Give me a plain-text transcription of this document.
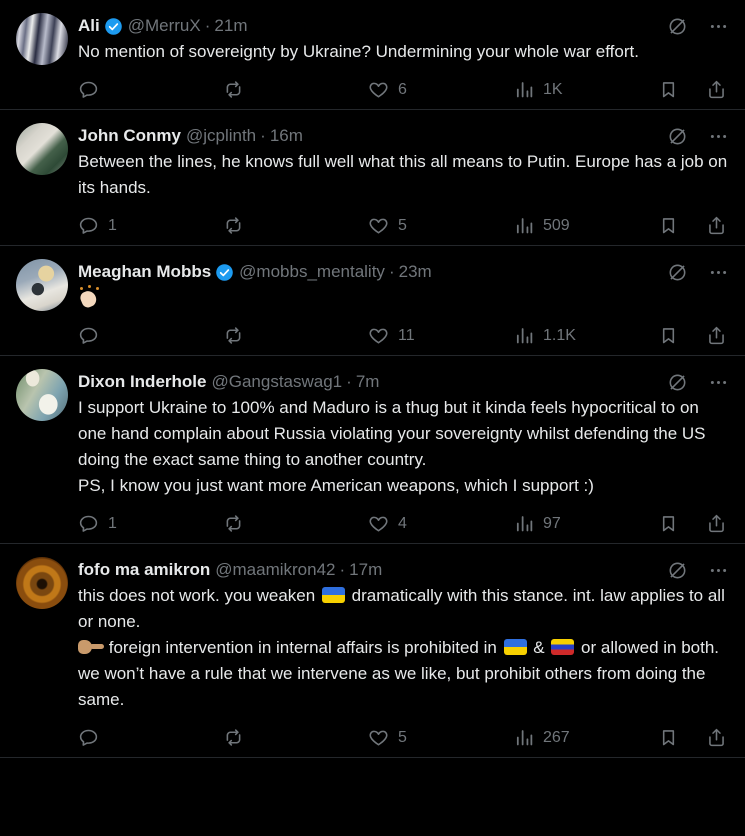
Ali @MerruX · 21m
No mention of sovereignty by Ukraine? Undermining your whole war effort.
6	1K
John Conmy @jcplinth · 16m
Between the lines, he knows full well what this all means to Putin. Europe has a job on its hands.
1	5	509
Meaghan Mobbs @mobbs_mentality · 23m
11	1.1K
Dixon Inderhole @Gangstaswag1 · 7m
I support Ukraine to 100% and Maduro is a thug but it kinda feels hypocritical to on one hand complain about Russia violating your sovereignty whilst defending the US doing the exact same thing to another country.
PS, I know you just want more American weapons, which I support :)
1	4	97
fofo ma amikron @maamikron42 · 17m
this does not work. you weaken  dramatically with this stance. int. law applies to all or none.
foreign intervention in internal affairs is prohibited in  &  or allowed in both. we won’t have a rule that we intervene as we like, but prohibit others from doing the same.
5	267
